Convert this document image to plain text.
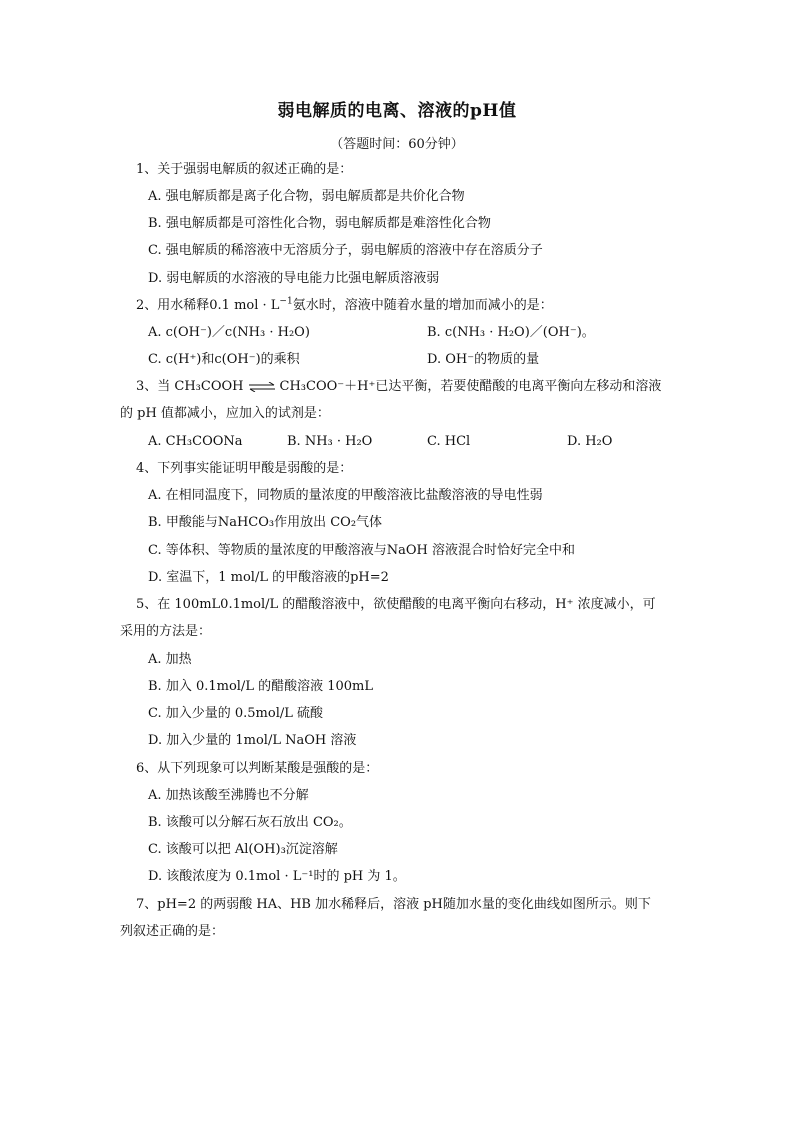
弱电解质的电离、溶液的pH值
（答题时间：60分钟）
1、关于强弱电解质的叙述正确的是：
A. 强电解质都是离子化合物，弱电解质都是共价化合物
B. 强电解质都是可溶性化合物，弱电解质都是难溶性化合物
C. 强电解质的稀溶液中无溶质分子，弱电解质的溶液中存在溶质分子
D. 弱电解质的水溶液的导电能力比强电解质溶液弱
2、用水稀释0.1 mol · $L^{-1}$氨水时，溶液中随着水量的增加而减小的是：
A. c(OH⁻)／c(NH₃ · H₂O)	B. c(NH₃ · H₂O)／(OH⁻)。
C. c(H⁺)和c(OH⁻)的乘积	D. OH⁻的物质的量
3、当 CH₃COOH ⇌ CH₃COO⁻＋H⁺已达平衡，若要使醋酸的电离平衡向左移动和溶液
的 pH 值都减小，应加入的试剂是：
A. CH₃COONa	B. NH₃ · H₂O	C. HCl	D. H₂O
4、下列事实能证明甲酸是弱酸的是：
A. 在相同温度下，同物质的量浓度的甲酸溶液比盐酸溶液的导电性弱
B. 甲酸能与NaHCO₃作用放出 CO₂气体
C. 等体积、等物质的量浓度的甲酸溶液与NaOH 溶液混合时恰好完全中和
D. 室温下，1 mol/L 的甲酸溶液的pH=2
5、在 100mL0.1mol/L 的醋酸溶液中，欲使醋酸的电离平衡向右移动，H⁺ 浓度减小，可
采用的方法是：
A. 加热
B. 加入 0.1mol/L 的醋酸溶液 100mL
C. 加入少量的 0.5mol/L 硫酸
D. 加入少量的 1mol/L NaOH 溶液
6、从下列现象可以判断某酸是强酸的是：
A. 加热该酸至沸腾也不分解
B. 该酸可以分解石灰石放出 CO₂。
C. 该酸可以把 Al(OH)₃沉淀溶解
D. 该酸浓度为 0.1mol · L⁻¹时的 pH 为 1。
7、pH=2 的两弱酸 HA、HB 加水稀释后，溶液 pH随加水量的变化曲线如图所示。则下
列叙述正确的是：
